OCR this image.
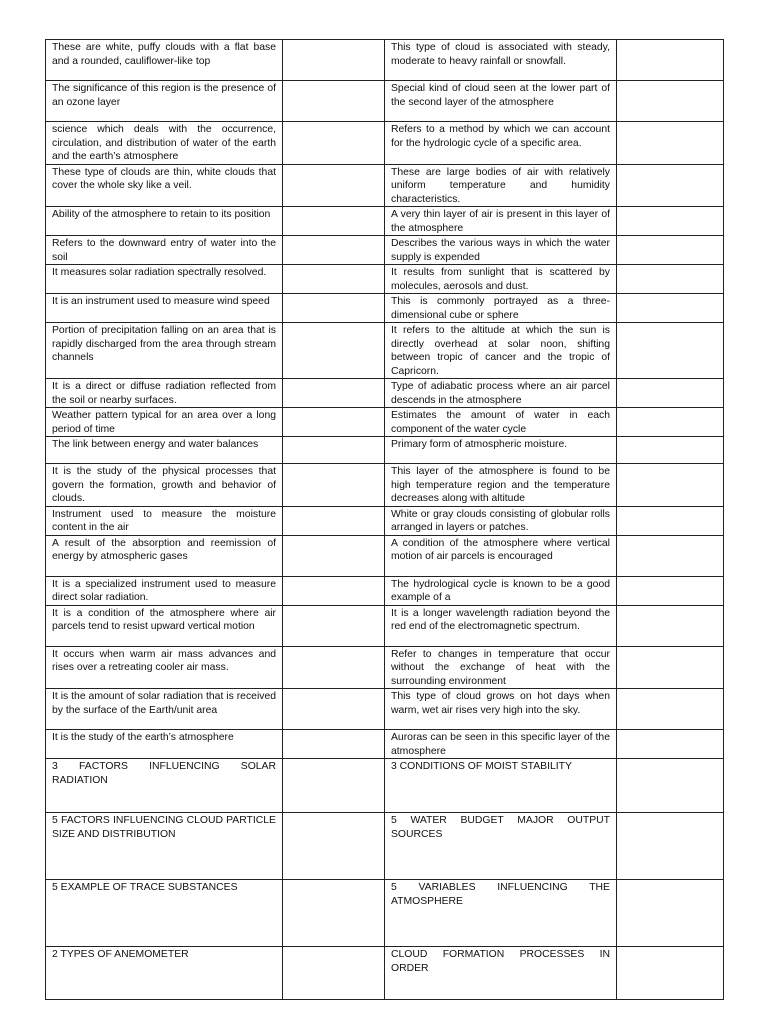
These are white, puffy clouds with a flat base and a rounded, cauliflower-like top		This type of cloud is associated with steady, moderate to heavy rainfall or snowfall.	
The significance of this region is the presence of an ozone layer		Special kind of cloud seen at the lower part of the second layer of the atmosphere	
science which deals with the occurrence, circulation, and distribution of water of the earth and the earth’s atmosphere		Refers to a method by which we can account for the hydrologic cycle of a specific area.	
These type of clouds are thin, white clouds that cover the whole sky like a veil.		These are large bodies of air with relatively uniform temperature and humidity characteristics.	
Ability of the atmosphere to retain to its position		A very thin layer of air is present in this layer of the atmosphere	
Refers to the downward entry of water into the soil		Describes the various ways in which the water supply is expended	
It measures solar radiation spectrally resolved.		It results from sunlight that is scattered by molecules, aerosols and dust.	
It is an instrument used to measure wind speed		This is commonly portrayed as a three-dimensional cube or sphere	
Portion of precipitation falling on an area that is rapidly discharged from the area through stream channels		It refers to the altitude at which the sun is directly overhead at solar noon, shifting between tropic of cancer and the tropic of Capricorn.	
It is a direct or diffuse radiation reflected from the soil or nearby surfaces.		Type of adiabatic process where an air parcel descends in the atmosphere	
Weather pattern typical for an area over a long period of time		Estimates the amount of water in each component of the water cycle	
The link between energy and water balances		Primary form of atmospheric moisture.	
It is the study of the physical processes that govern the formation, growth and behavior of clouds.		This layer of the atmosphere is found to be high temperature region and the temperature decreases along with altitude	
Instrument used to measure the moisture content in the air		White or gray clouds consisting of globular rolls arranged in layers or patches.	
A result of the absorption and reemission of energy by atmospheric gases		A condition of the atmosphere where vertical motion of air parcels is encouraged	
It is a specialized instrument used to measure direct solar radiation.		The hydrological cycle is known to be a good example of a	
It is a condition of the atmosphere where air parcels tend to resist upward vertical motion		It is a longer wavelength radiation beyond the red end of the electromagnetic spectrum.	
It occurs when warm air mass advances and rises over a retreating cooler air mass.		Refer to changes in temperature that occur without the exchange of heat with the surrounding environment	
It is the amount of solar radiation that is received by the surface of the Earth/unit area		This type of cloud grows on hot days when warm, wet air rises very high into the sky.	
It is the study of the earth’s atmosphere		Auroras can be seen in this specific layer of the atmosphere	
3 FACTORS INFLUENCING SOLAR RADIATION		3 CONDITIONS OF MOIST STABILITY	
5 FACTORS INFLUENCING CLOUD PARTICLE SIZE AND DISTRIBUTION		5 WATER BUDGET MAJOR OUTPUT SOURCES	
5 EXAMPLE OF TRACE SUBSTANCES		5 VARIABLES INFLUENCING THE ATMOSPHERE	
2 TYPES OF ANEMOMETER		CLOUD FORMATION PROCESSES IN ORDER	
